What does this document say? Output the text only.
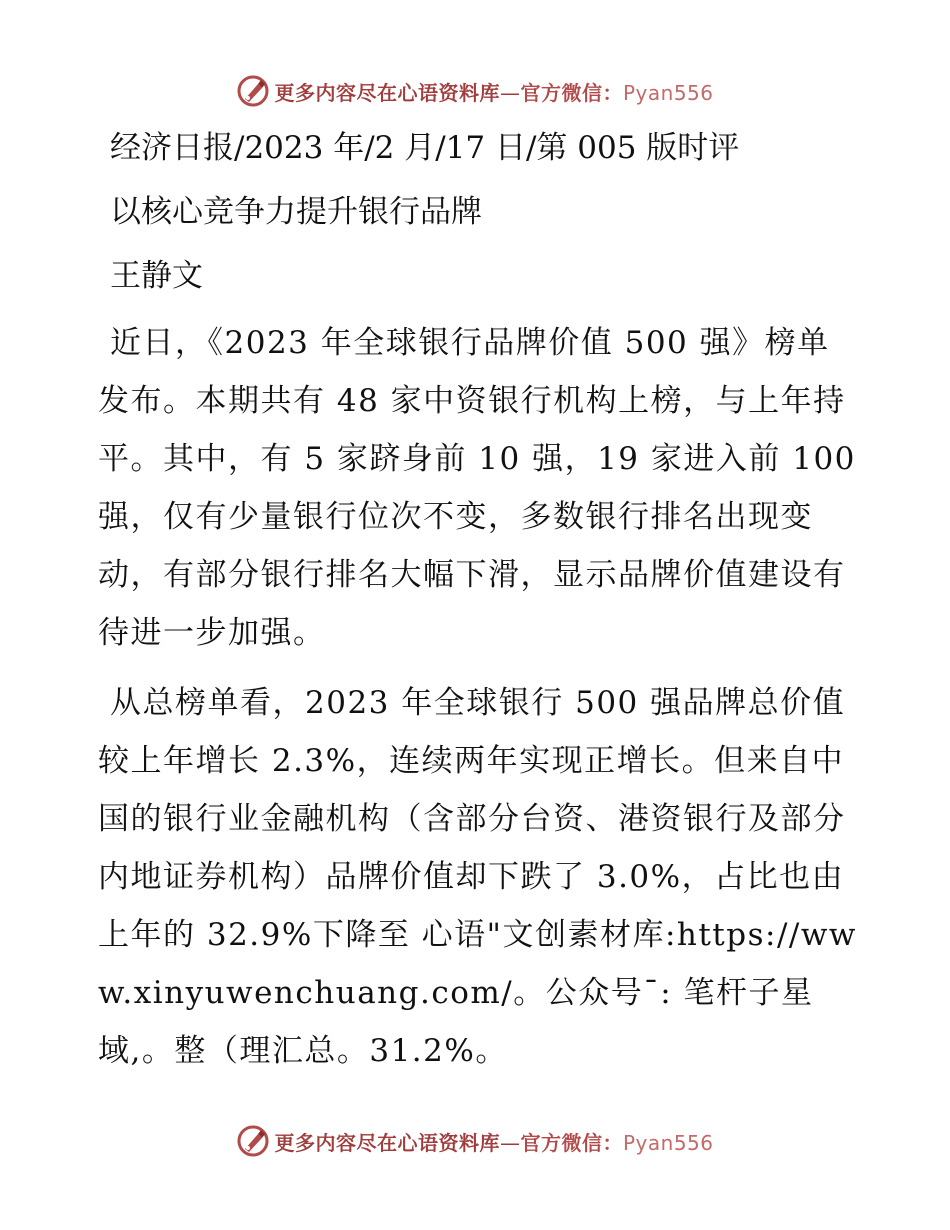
更多内容尽在心语资料库—官方微信：Pyan556
经济日报/2023 年/2 月/17 日/第 005 版时评
以核心竞争力提升银行品牌
王静文

近日，《2023 年全球银行品牌价值 500 强》榜单发布。本期共有 48 家中资银行机构上榜，与上年持平。其中，有 5 家跻身前 10 强，19 家进入前 100 强，仅有少量银行位次不变，多数银行排名出现变动，有部分银行排名大幅下滑，显示品牌价值建设有待进一步加强。

从总榜单看，2023 年全球银行 500 强品牌总价值较上年增长 2.3%，连续两年实现正增长。但来自中国的银行业金融机构（含部分台资、港资银行及部分内地证券机构）品牌价值却下跌了 3.0%，占比也由上年的 32.9%下降至 心语"文创素材库:https://www.xinyuwenchuang.com/。公众号¯: 笔杆子星域,。整（理汇总。31.2%。

更多内容尽在心语资料库—官方微信：Pyan556
